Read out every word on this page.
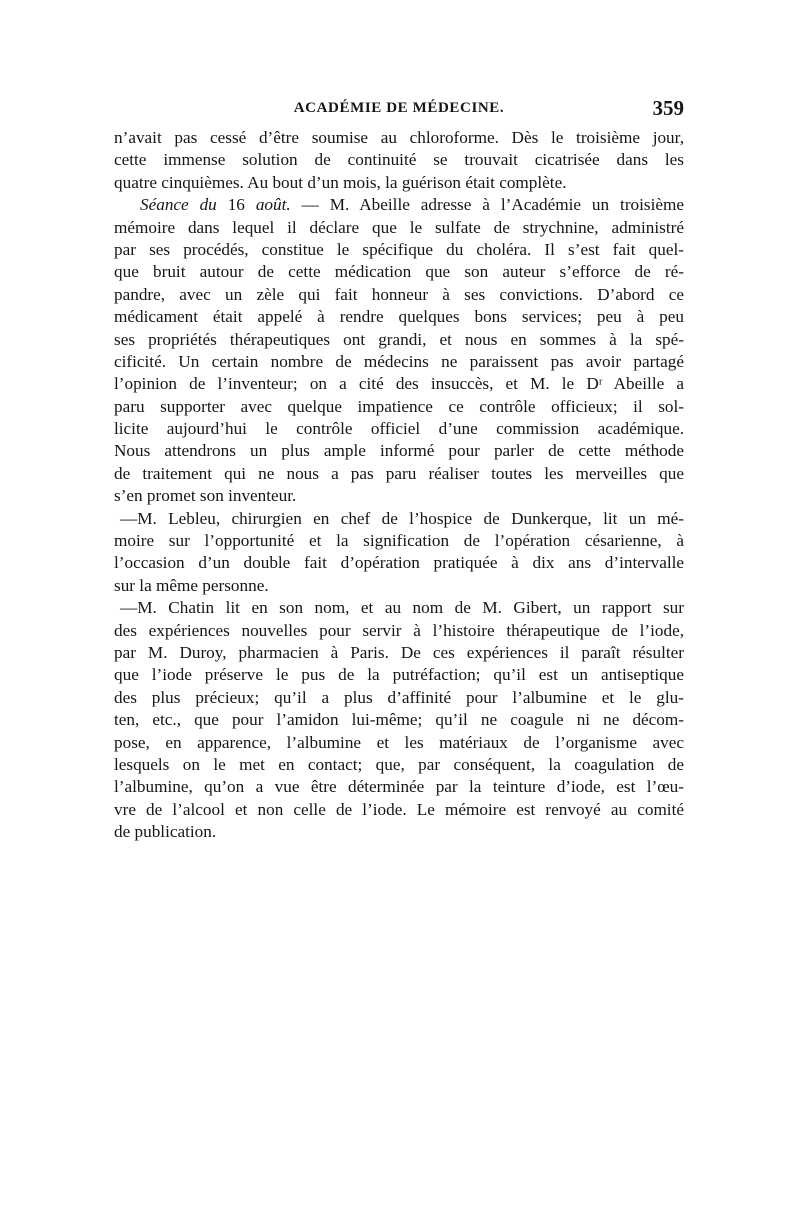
ACADÉMIE DE MÉDECINE.	359
n’avait pas cessé d’être soumise au chloroforme. Dès le troisième jour,
cette immense solution de continuité se trouvait cicatrisée dans les
quatre cinquièmes. Au bout d’un mois, la guérison était complète.
Séance du 16 août. — M. Abeille adresse à l’Académie un troisième
mémoire dans lequel il déclare que le sulfate de strychnine, administré
par ses procédés, constitue le spécifique du choléra. Il s’est fait quel-
que bruit autour de cette médication que son auteur s’efforce de ré-
pandre, avec un zèle qui fait honneur à ses convictions. D’abord ce
médicament était appelé à rendre quelques bons services; peu à peu
ses propriétés thérapeutiques ont grandi, et nous en sommes à la spé-
cificité. Un certain nombre de médecins ne paraissent pas avoir partagé
l’opinion de l’inventeur; on a cité des insuccès, et M. le Dʳ Abeille a
paru supporter avec quelque impatience ce contrôle officieux; il sol-
licite aujourd’hui le contrôle officiel d’une commission académique.
Nous attendrons un plus ample informé pour parler de cette méthode
de traitement qui ne nous a pas paru réaliser toutes les merveilles que
s’en promet son inventeur.
—M. Lebleu, chirurgien en chef de l’hospice de Dunkerque, lit un mé-
moire sur l’opportunité et la signification de l’opération césarienne, à
l’occasion d’un double fait d’opération pratiquée à dix ans d’intervalle
sur la même personne.
—M. Chatin lit en son nom, et au nom de M. Gibert, un rapport sur
des expériences nouvelles pour servir à l’histoire thérapeutique de l’iode,
par M. Duroy, pharmacien à Paris. De ces expériences il paraît résulter
que l’iode préserve le pus de la putréfaction; qu’il est un antiseptique
des plus précieux; qu’il a plus d’affinité pour l’albumine et le glu-
ten, etc., que pour l’amidon lui-même; qu’il ne coagule ni ne décom-
pose, en apparence, l’albumine et les matériaux de l’organisme avec
lesquels on le met en contact; que, par conséquent, la coagulation de
l’albumine, qu’on a vue être déterminée par la teinture d’iode, est l’œu-
vre de l’alcool et non celle de l’iode. Le mémoire est renvoyé au comité
de publication.
